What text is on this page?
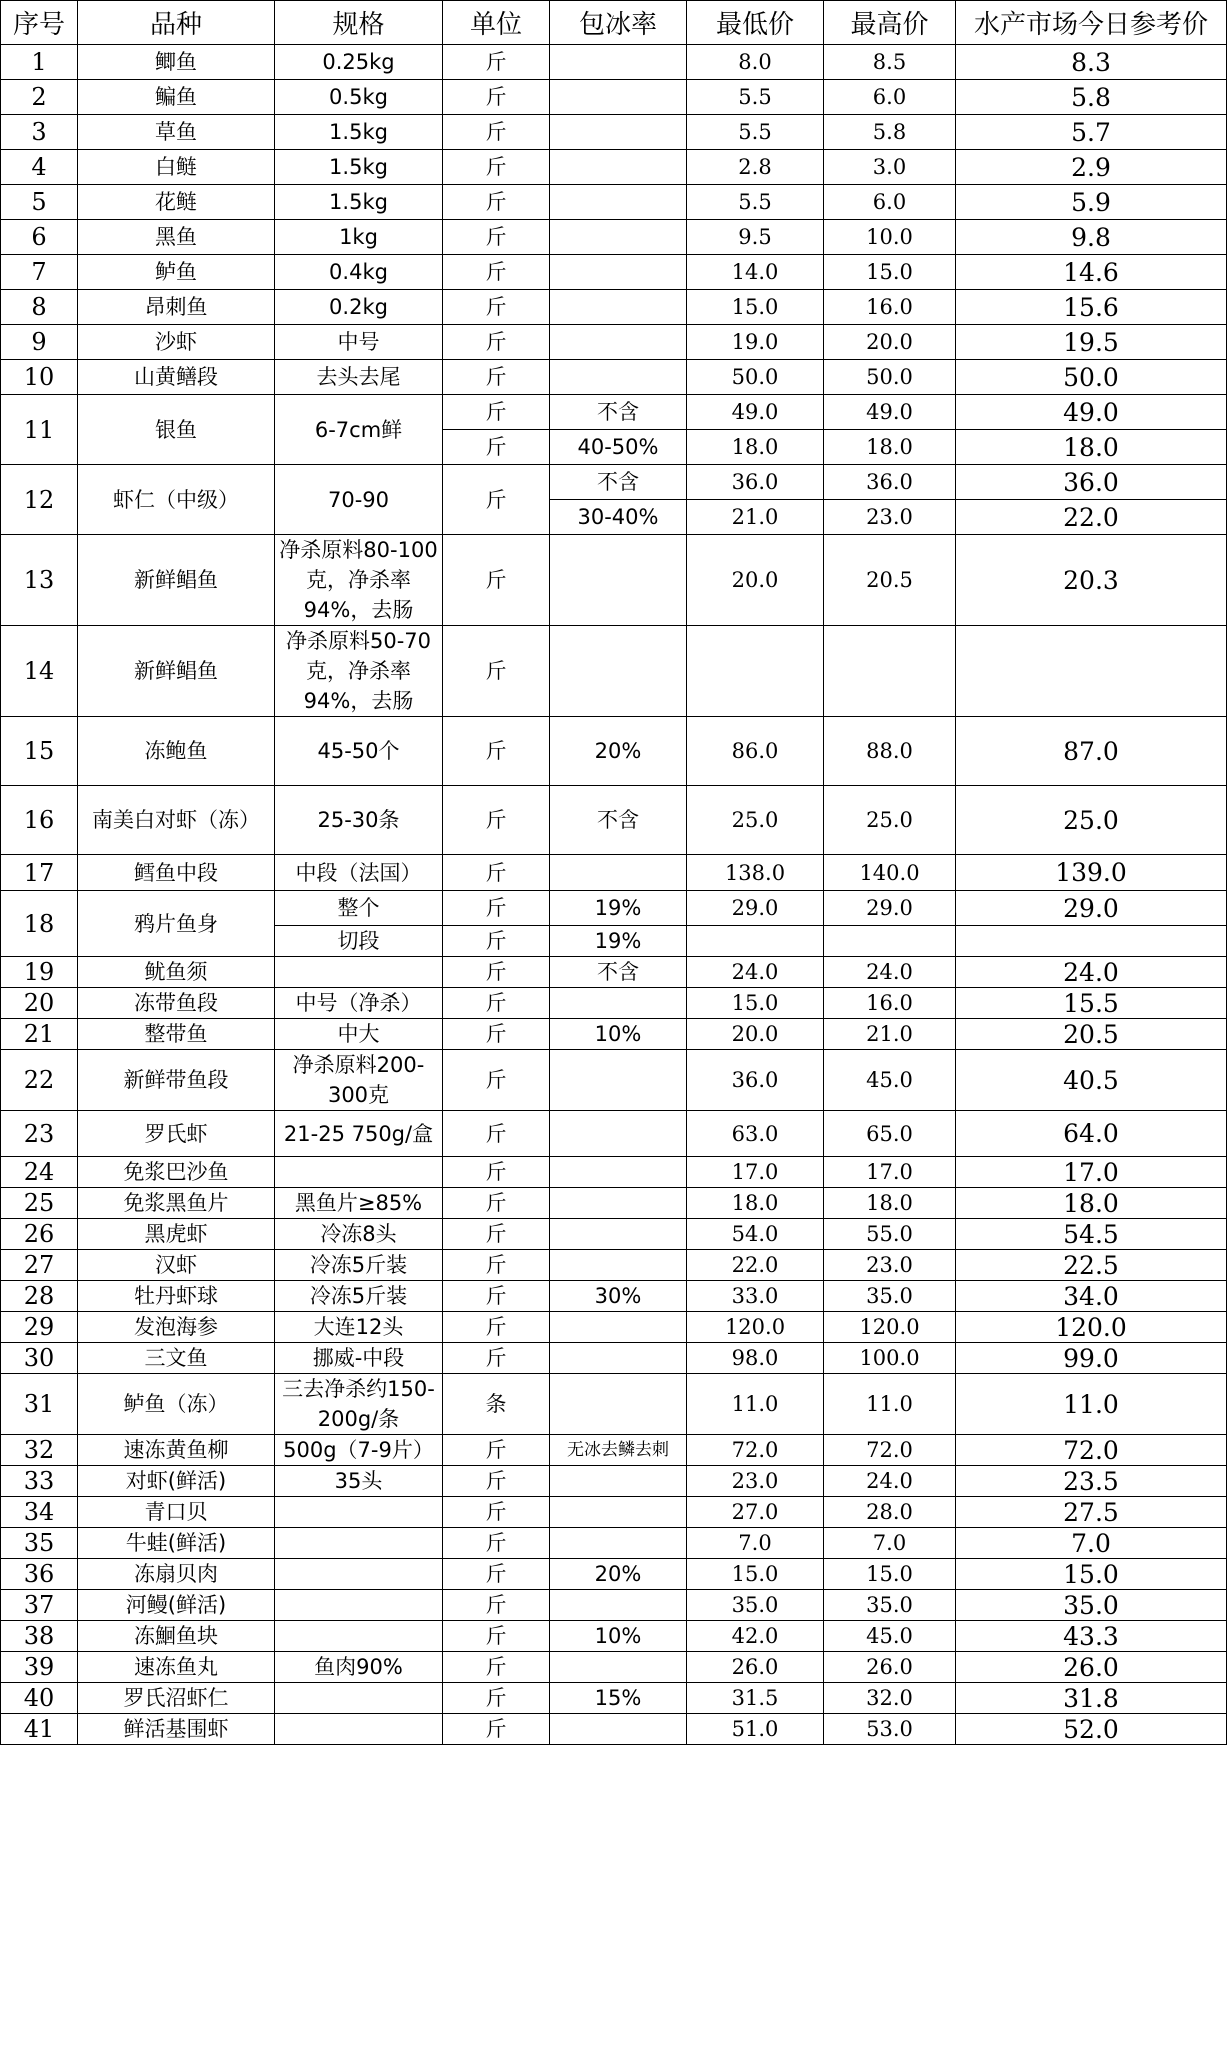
序号	品种	规格	单位	包冰率	最低价	最高价	水产市场今日参考价
1	鲫鱼	0.25kg	斤		8.0	8.5	8.3
2	鳊鱼	0.5kg	斤		5.5	6.0	5.8
3	草鱼	1.5kg	斤		5.5	5.8	5.7
4	白鲢	1.5kg	斤		2.8	3.0	2.9
5	花鲢	1.5kg	斤		5.5	6.0	5.9
6	黑鱼	1kg	斤		9.5	10.0	9.8
7	鲈鱼	0.4kg	斤		14.0	15.0	14.6
8	昂刺鱼	0.2kg	斤		15.0	16.0	15.6
9	沙虾	中号	斤		19.0	20.0	19.5
10	山黄鳝段	去头去尾	斤		50.0	50.0	50.0
11	银鱼	6-7cm鲜	斤	不含	49.0	49.0	49.0
			斤	40-50%	18.0	18.0	18.0
12	虾仁（中级）	70-90	斤	不含	36.0	36.0	36.0
				30-40%	21.0	23.0	22.0
13	新鲜鲳鱼	净杀原料80-100克，净杀率94%，去肠	斤		20.0	20.5	20.3
14	新鲜鲳鱼	净杀原料50-70克，净杀率94%，去肠	斤				
15	冻鲍鱼	45-50个	斤	20%	86.0	88.0	87.0
16	南美白对虾（冻）	25-30条	斤	不含	25.0	25.0	25.0
17	鳕鱼中段	中段（法国）	斤		138.0	140.0	139.0
18	鸦片鱼身	整个	斤	19%	29.0	29.0	29.0
		切段	斤	19%			
19	鱿鱼须		斤	不含	24.0	24.0	24.0
20	冻带鱼段	中号（净杀）	斤		15.0	16.0	15.5
21	整带鱼	中大	斤	10%	20.0	21.0	20.5
22	新鲜带鱼段	净杀原料200-300克	斤		36.0	45.0	40.5
23	罗氏虾	21-25 750g/盒	斤		63.0	65.0	64.0
24	免浆巴沙鱼		斤		17.0	17.0	17.0
25	免浆黑鱼片	黑鱼片≥85%	斤		18.0	18.0	18.0
26	黑虎虾	冷冻8头	斤		54.0	55.0	54.5
27	汉虾	冷冻5斤装	斤		22.0	23.0	22.5
28	牡丹虾球	冷冻5斤装	斤	30%	33.0	35.0	34.0
29	发泡海参	大连12头	斤		120.0	120.0	120.0
30	三文鱼	挪威-中段	斤		98.0	100.0	99.0
31	鲈鱼（冻）	三去净杀约150-200g/条	条		11.0	11.0	11.0
32	速冻黄鱼柳	500g（7-9片）	斤	无冰去鳞去刺	72.0	72.0	72.0
33	对虾(鲜活)	35头	斤		23.0	24.0	23.5
34	青口贝		斤		27.0	28.0	27.5
35	牛蛙(鲜活)		斤		7.0	7.0	7.0
36	冻扇贝肉		斤	20%	15.0	15.0	15.0
37	河鳗(鲜活)		斤		35.0	35.0	35.0
38	冻鮰鱼块		斤	10%	42.0	45.0	43.3
39	速冻鱼丸	鱼肉90%	斤		26.0	26.0	26.0
40	罗氏沼虾仁		斤	15%	31.5	32.0	31.8
41	鲜活基围虾		斤		51.0	53.0	52.0
